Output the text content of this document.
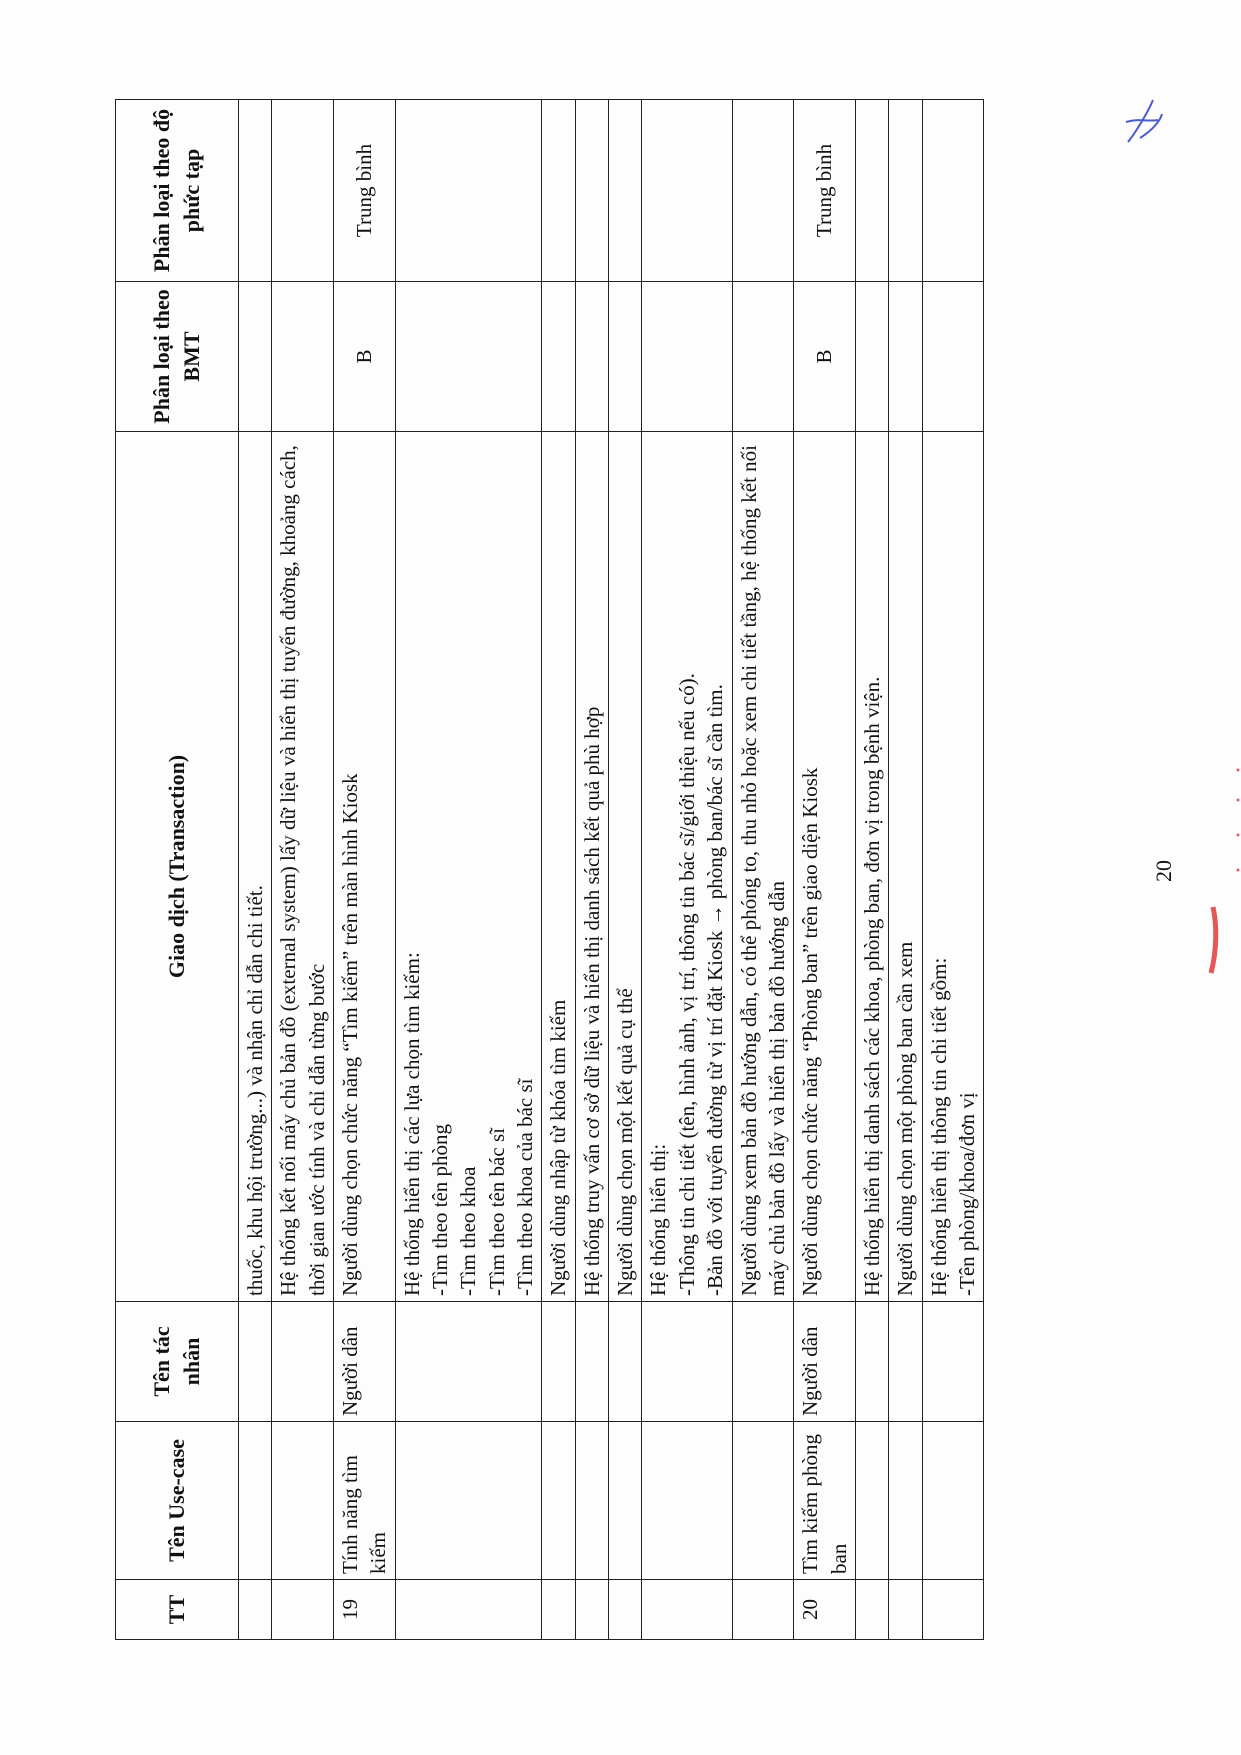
TT	Tên Use-case	Tên tác nhân	Giao dịch (Transaction)	Phân loại theo BMT	Phân loại theo độ phức tạp

			thuốc, khu hội trường...) và nhận chỉ dẫn chi tiết.		

			Hệ thống kết nối máy chủ bản đồ (external system) lấy dữ liệu và hiển thị tuyến đường, khoảng cách, thời gian ước tính và chỉ dẫn từng bước		

19	Tính năng tìm kiếm	Người dân	Người dùng chọn chức năng “Tìm kiếm” trên màn hình Kiosk	B	Trung bình

			Hệ thống hiển thị các lựa chọn tìm kiếm: -Tìm theo tên phòng -Tìm theo khoa -Tìm theo tên bác sĩ -Tìm theo khoa của bác sĩ		

			Người dùng nhập từ khóa tìm kiếm		

			Hệ thống truy vấn cơ sở dữ liệu và hiển thị danh sách kết quả phù hợp		

			Người dùng chọn một kết quả cụ thể		

			Hệ thống hiển thị: -Thông tin chi tiết (tên, hình ảnh, vị trí, thông tin bác sĩ/giới thiệu nếu có). -Bản đồ với tuyến đường từ vị trí đặt Kiosk → phòng ban/bác sĩ cần tìm.		

			Người dùng xem bản đồ hướng dẫn, có thể phóng to, thu nhỏ hoặc xem chi tiết tầng, hệ thống kết nối máy chủ bản đồ lấy và hiển thị bản đồ hướng dẫn		

20	Tìm kiếm phòng ban	Người dân	Người dùng chọn chức năng “Phòng ban” trên giao diện Kiosk	B	Trung bình

			Hệ thống hiển thị danh sách các khoa, phòng ban, đơn vị trong bệnh viện.		

			Người dùng chọn một phòng ban cần xem		

			Hệ thống hiển thị thông tin chi tiết gồm: -Tên phòng/khoa/đơn vị		

20
